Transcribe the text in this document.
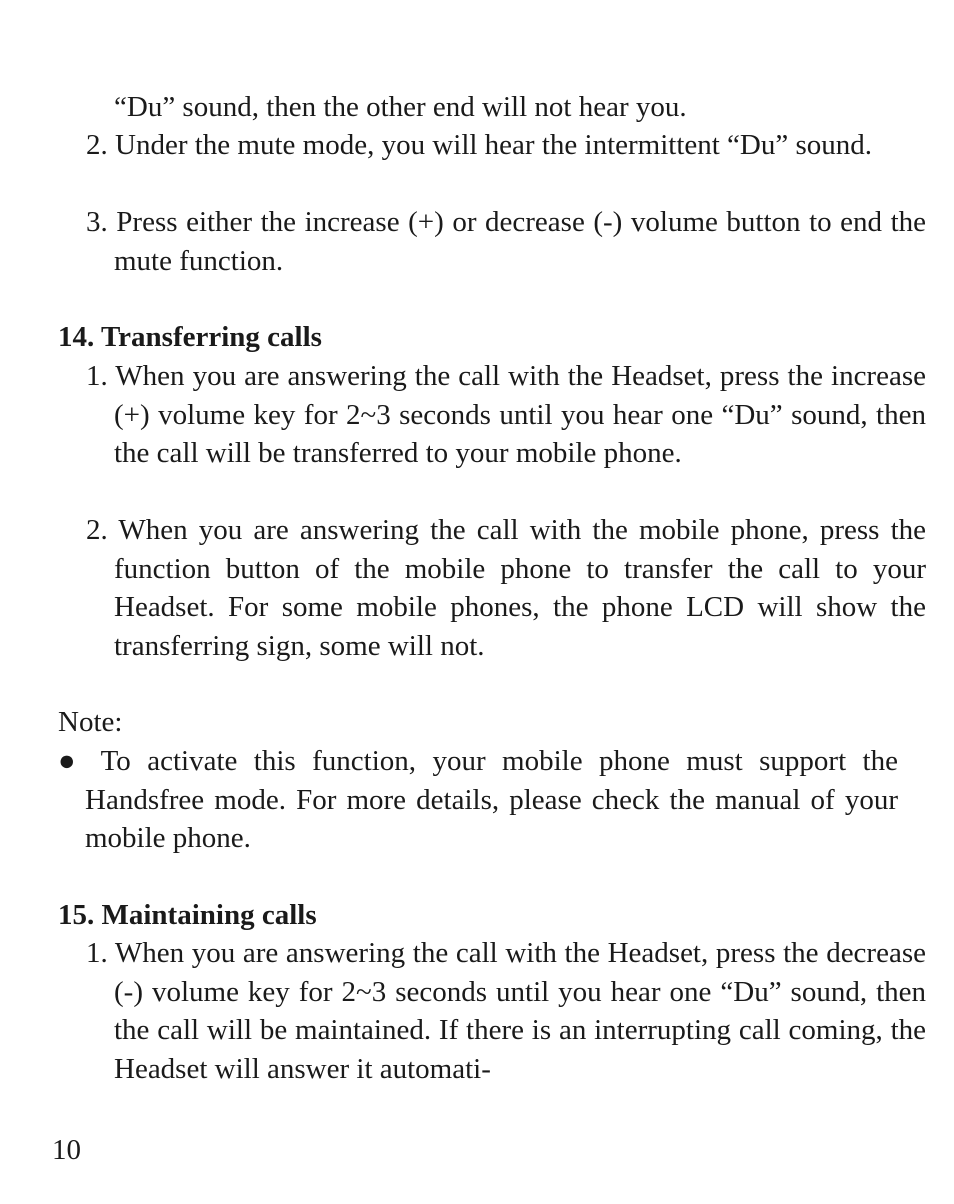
“Du” sound, then the other end will not hear you.
2. Under the mute mode, you will hear the intermittent “Du” sound.
3. Press either the increase (+) or decrease (-) volume button to end the mute function.
14. Transferring calls
1. When you are answering the call with the Headset, press the increase (+) volume key for 2~3 seconds until you hear one “Du” sound, then the call will be transferred to your mobile phone.
2. When you are answering the call with the mobile phone, press the function button of the mobile phone to transfer the call to your Headset. For some mobile phones, the phone LCD will show the transferring sign, some will not.
Note:
● To activate this function, your mobile phone must support the Handsfree mode. For more details, please check the manual of your mobile phone.
15. Maintaining calls
1. When you are answering the call with the Headset, press the decrease (-) volume key for 2~3 seconds until you hear one “Du” sound, then the call will be maintained. If there is an interrupting call coming, the Headset will answer it automati-
10
